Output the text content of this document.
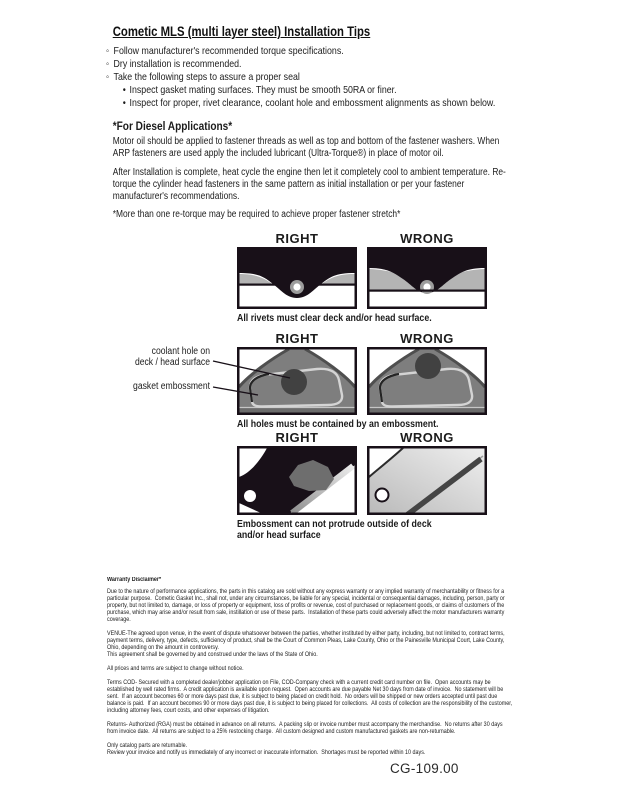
Cometic MLS (multi layer steel) Installation Tips
◦ Follow manufacturer's recommended torque specifications.
◦ Dry installation is recommended.
◦ Take the following steps to assure a proper seal
• Inspect gasket mating surfaces. They must be smooth 50RA or finer.
• Inspect for proper, rivet clearance, coolant hole and embossment alignments as shown below.
*For Diesel Applications*

Motor oil should be applied to fastener threads as well as top and bottom of the fastener washers. When ARP fasteners are used apply the included lubricant (Ultra-Torque®) in place of motor oil.

After Installation is complete, heat cycle the engine then let it completely cool to ambient temperature. Re-torque the cylinder head fasteners in the same pattern as initial installation or per your fastener manufacturer's recommendations.

*More than one re-torque may be required to achieve proper fastener stretch*

RIGHT	WRONG
All rivets must clear deck and/or head surface.
RIGHT	WRONG
All holes must be contained by an embossment.
coolant hole on
deck / head surface
gasket embossment
RIGHT	WRONG
Embossment can not protrude outside of deck and/or head surface
Warranty Disclaimer*

Due to the nature of performance applications, the parts in this catalog are sold without any express warranty or any implied warranty of merchantability or fitness for a particular purpose.  Cometic Gasket Inc., shall not, under any circumstances, be liable for any special, incidental or consequential damages, including, person, party or property, but not limited to, damage, or loss of property or equipment, loss of profits or revenue, cost of purchased or replacement goods, or claims of customers of the purchase, which may arise and/or result from sale, instillation or use of these parts.  Installation of these parts could adversely affect the motor manufacturers warranty coverage.

VENUE-The agreed upon venue, in the event of dispute whatsoever between the parties, whether instituted by either party, including, but not limited to, contract terms, payment terms, delivery, type, defects, sufficiency of product, shall be the Court of Common Pleas, Lake County, Ohio or the Painesville Municipal Court, Lake County, Ohio, depending on the amount in controversy.

This agreement shall be governed by and construed under the laws of the State of Ohio.

All prices and terms are subject to change without notice.

Terms COD- Secured with a completed dealer/jobber application on File, COD-Company check with a current credit card number on file.  Open accounts may be established by well rated firms.  A credit application is available upon request.  Open accounts are due payable Net 30 days from date of invoice.  No statement will be sent.  If an account becomes 60 or more days past due, it is subject to being placed on credit hold.  No orders will be shipped or new orders accepted until past due balance is paid.  If an account becomes 90 or more days past due, it is subject to being placed for collections.  All costs of collection are the responsibility of the customer, including attorney fees, court costs, and other expenses of litigation.

Returns- Authorized (RGA) must be obtained in advance on all returns.  A packing slip or invoice number must accompany the merchandise.  No returns after 30 days from invoice date.  All returns are subject to a 25% restocking charge.  All custom designed and custom manufactured gaskets are non-returnable.

Only catalog parts are returnable.

Review your invoice and notify us immediately of any incorrect or inaccurate information.  Shortages must be reported within 10 days.

CG-109.00
